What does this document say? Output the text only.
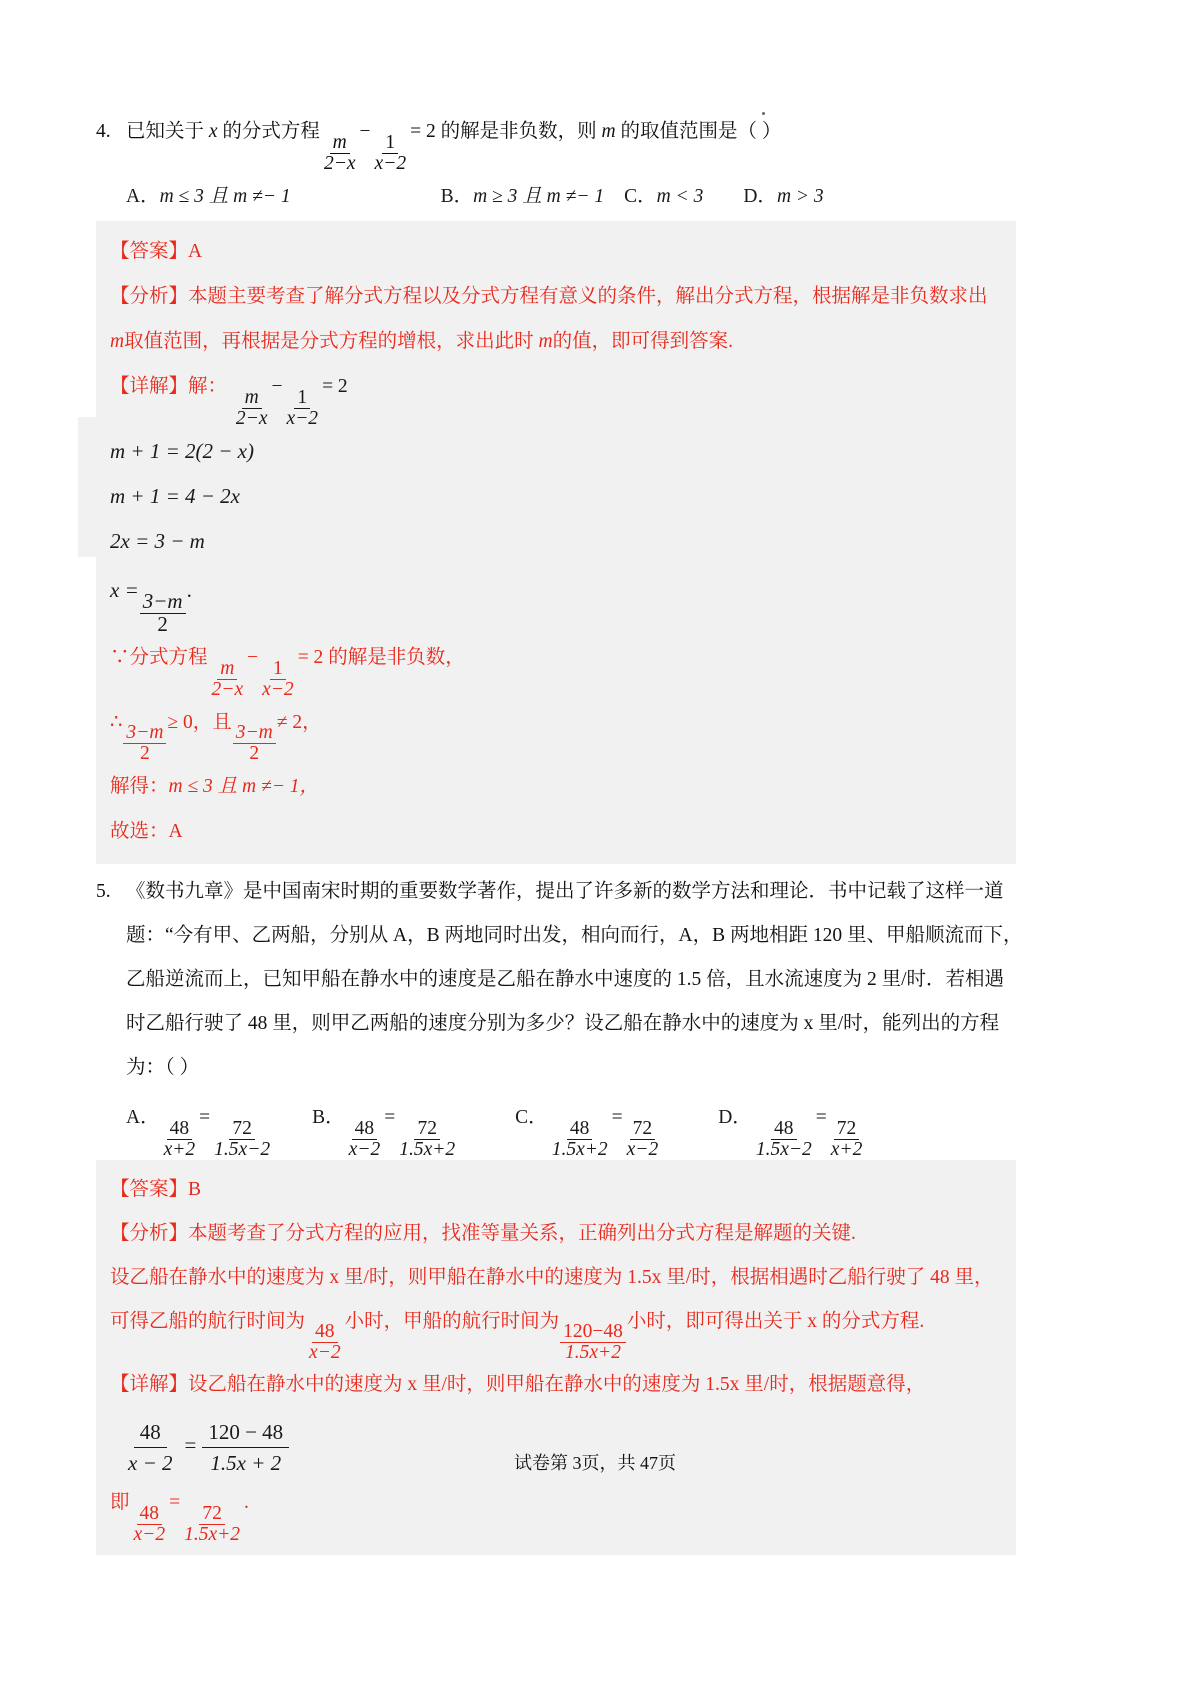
4. 已知关于 x 的分式方程
$\frac{m}{2-x}$
−
$\frac{1}{x-2}$
= 2 的解是非负数，则 m 的取值范围是（ ）
A．m ≤ 3 且 m ≠− 1	B．m ≥ 3 且 m ≠− 1 C．m < 3 D．m > 3
【答案】A
【分析】本题主要考查了解分式方程以及分式方程有意义的条件，解出分式方程，根据解是非负数求出
m取值范围，再根据是分式方程的增根，求出此时 m的值，即可得到答案.
【详解】解：
$\frac{m}{2-x}$
−
$\frac{1}{x-2}$
= 2
m + 1 = 2(2 − x)
m + 1 = 4 − 2x
2x = 3 − m
x =
$\frac{3-m}{2}$
.
∵分式方程
$\frac{m}{2-x}$
−
$\frac{1}{x-2}$
= 2 的解是非负数，
∴
$\frac{3-m}{2}$
≥ 0，且
$\frac{3-m}{2}$
≠ 2，
解得：m ≤ 3 且 m ≠− 1，
故选：A
5. 《数书九章》是中国南宋时期的重要数学著作，提出了许多新的数学方法和理论．书中记载了这样一道
题：“今有甲、乙两船，分别从 A，B 两地同时出发，相向而行，A，B 两地相距 120 里、甲船顺流而下，
乙船逆流而上，已知甲船在静水中的速度是乙船在静水中速度的 1.5 倍，且水流速度为 2 里/时．若相遇
时乙船行驶了 48 里，则甲乙两船的速度分别为多少？设乙船在静水中的速度为 x 里/时，能列出的方程
为：（ ）
A．
$\frac{48}{x+2}$
=
$\frac{72}{1.5x-2}$
B．
$\frac{48}{x-2}$
=
$\frac{72}{1.5x+2}$
C．
$\frac{48}{1.5x+2}$
=
$\frac{72}{x-2}$
D．
$\frac{48}{1.5x-2}$
=
$\frac{72}{x+2}$
【答案】B
【分析】本题考查了分式方程的应用，找准等量关系，正确列出分式方程是解题的关键.
设乙船在静水中的速度为 x 里/时，则甲船在静水中的速度为 1.5x 里/时，根据相遇时乙船行驶了 48 里，
可得乙船的航行时间为
$\frac{48}{x-2}$
小时，甲船的航行时间为
$\frac{120-48}{1.5x+2}$
小时，即可得出关于 x 的分式方程.
【详解】设乙船在静水中的速度为 x 里/时，则甲船在静水中的速度为 1.5x 里/时，根据题意得，
$\frac{48}{x - 2} = \frac{120 - 48}{1.5x + 2}$
即
$\frac{48}{x-2}$
=
$\frac{72}{1.5x+2}$
.
试卷第 3页，共 47页
